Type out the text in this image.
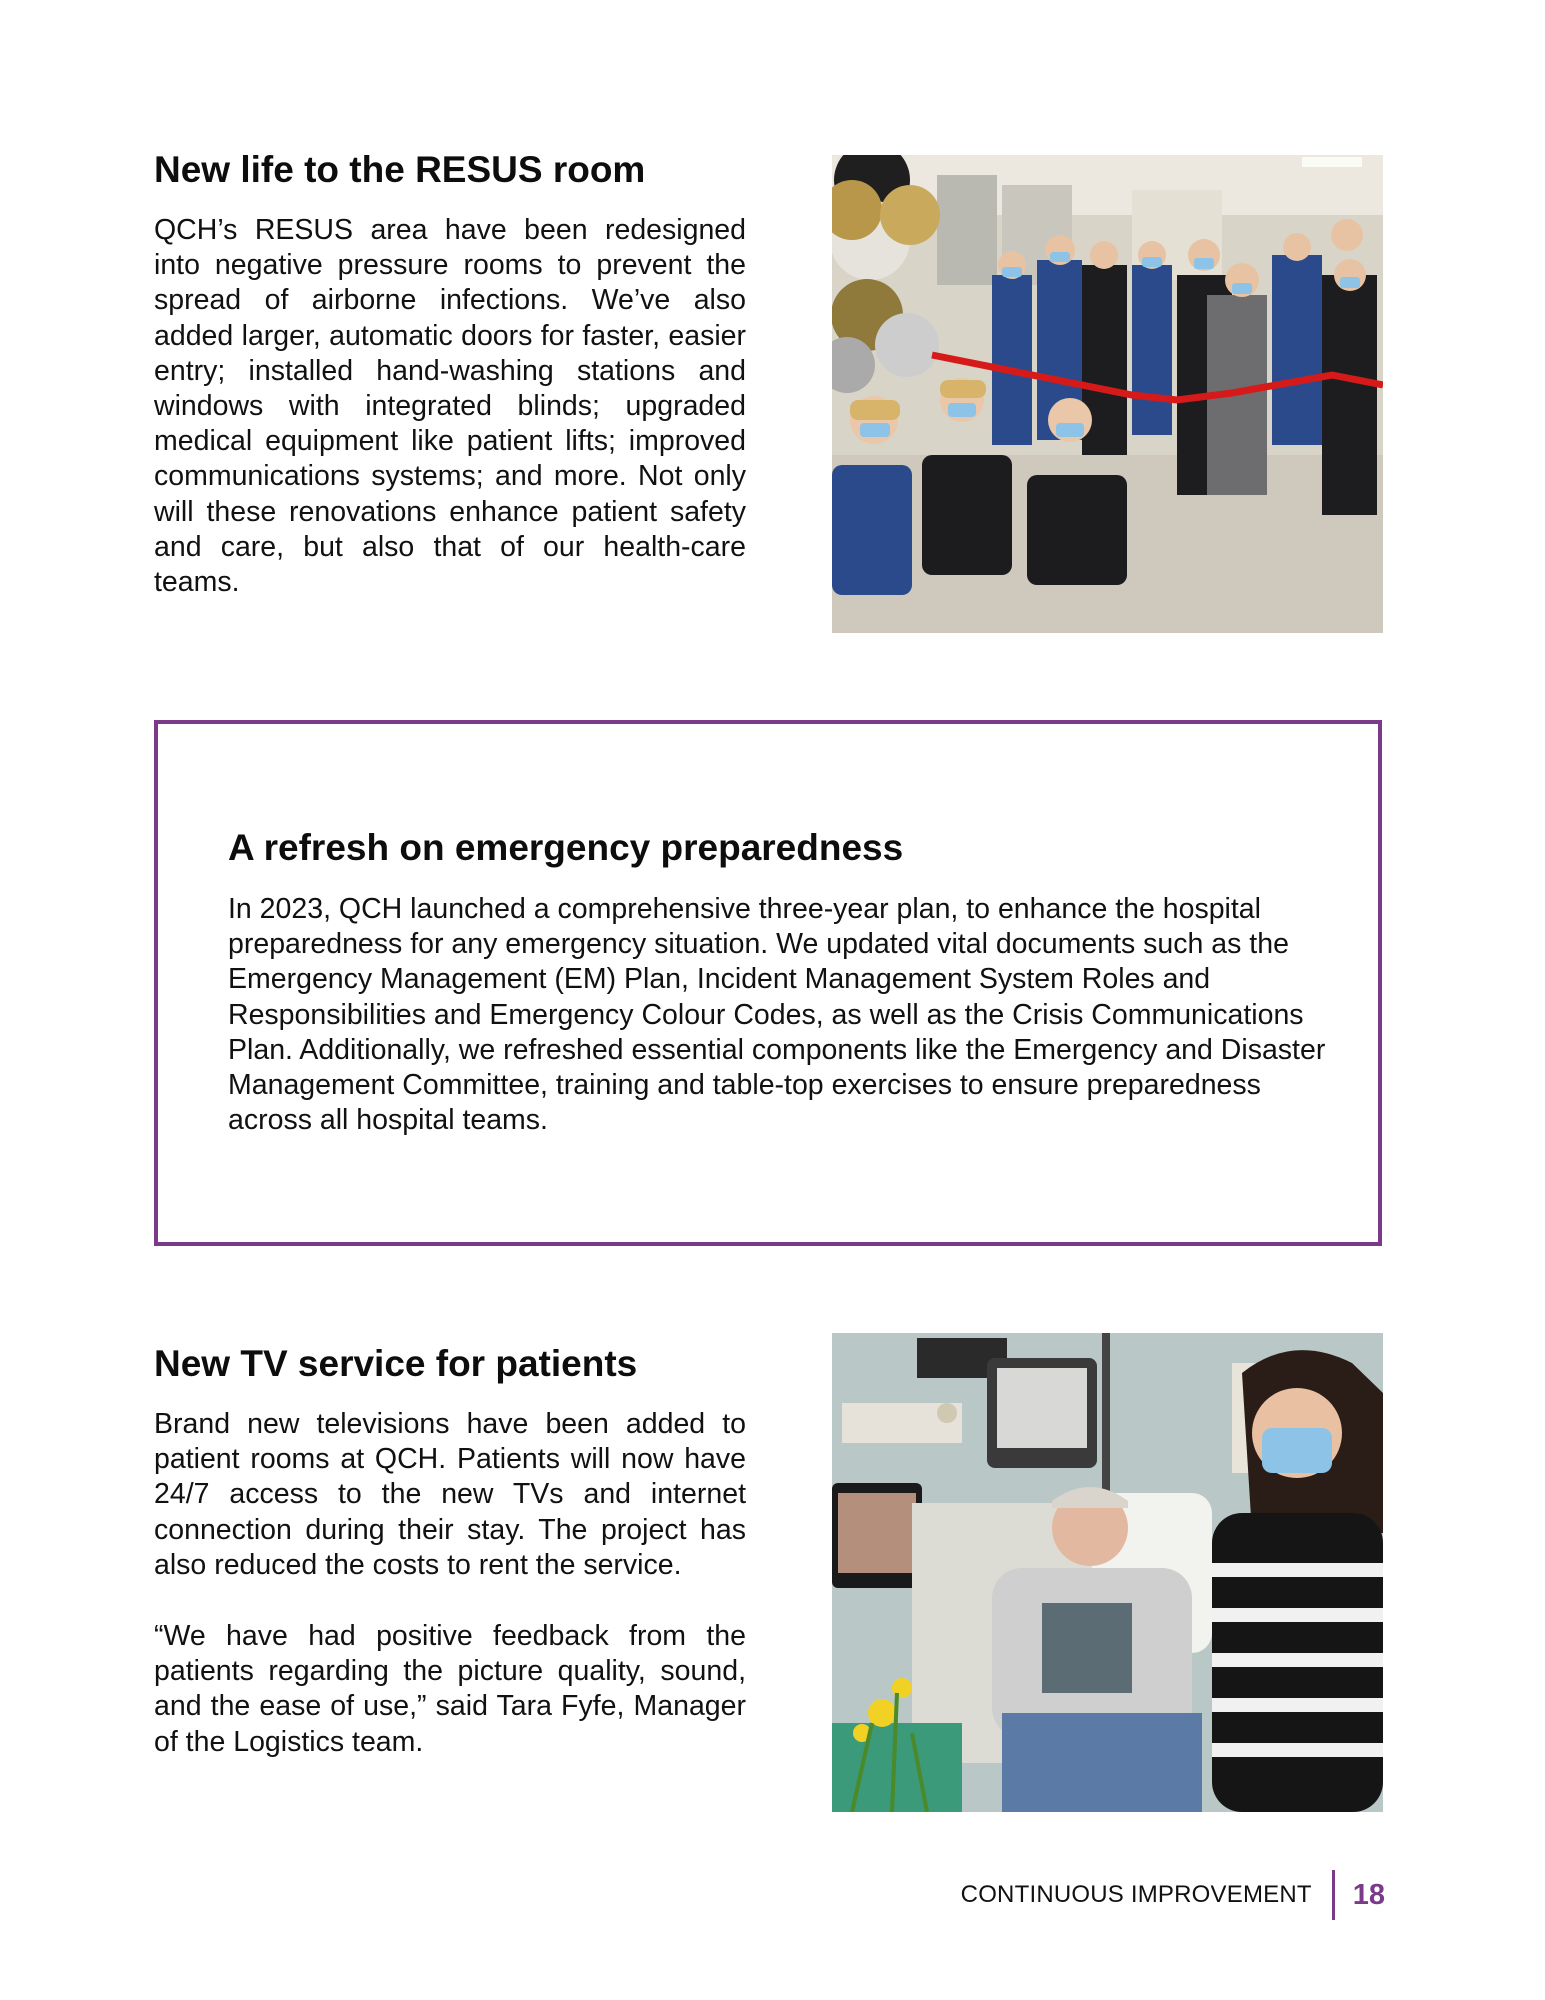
New life to the RESUS room

QCH’s RESUS area have been redesigned into negative pressure rooms to prevent the spread of airborne infections. We’ve also added larger, automatic doors for faster, easier entry; installed hand-washing stations and windows with integrated blinds; upgraded medical equipment like patient lifts; improved communications systems; and more. Not only will these renovations enhance patient safety and care, but also that of our health-care teams.

A refresh on emergency preparedness

In 2023, QCH launched a comprehensive three-year plan, to enhance the hospital preparedness for any emergency situation. We updated vital documents such as the Emergency Management (EM) Plan, Incident Management System Roles and Responsibilities and Emergency Colour Codes, as well as the Crisis Communications Plan. Additionally, we refreshed essential components like the Emergency and Disaster Management Committee, training and table-top exercises to ensure preparedness across all hospital teams.

New TV service for patients

Brand new televisions have been added to patient rooms at QCH. Patients will now have 24/7 access to the new TVs and internet connection during their stay. The project has also reduced the costs to rent the service.

“We have had positive feedback from the patients regarding the picture quality, sound, and the ease of use,” said Tara Fyfe, Manager of the Logistics team.

CONTINUOUS IMPROVEMENT 18
